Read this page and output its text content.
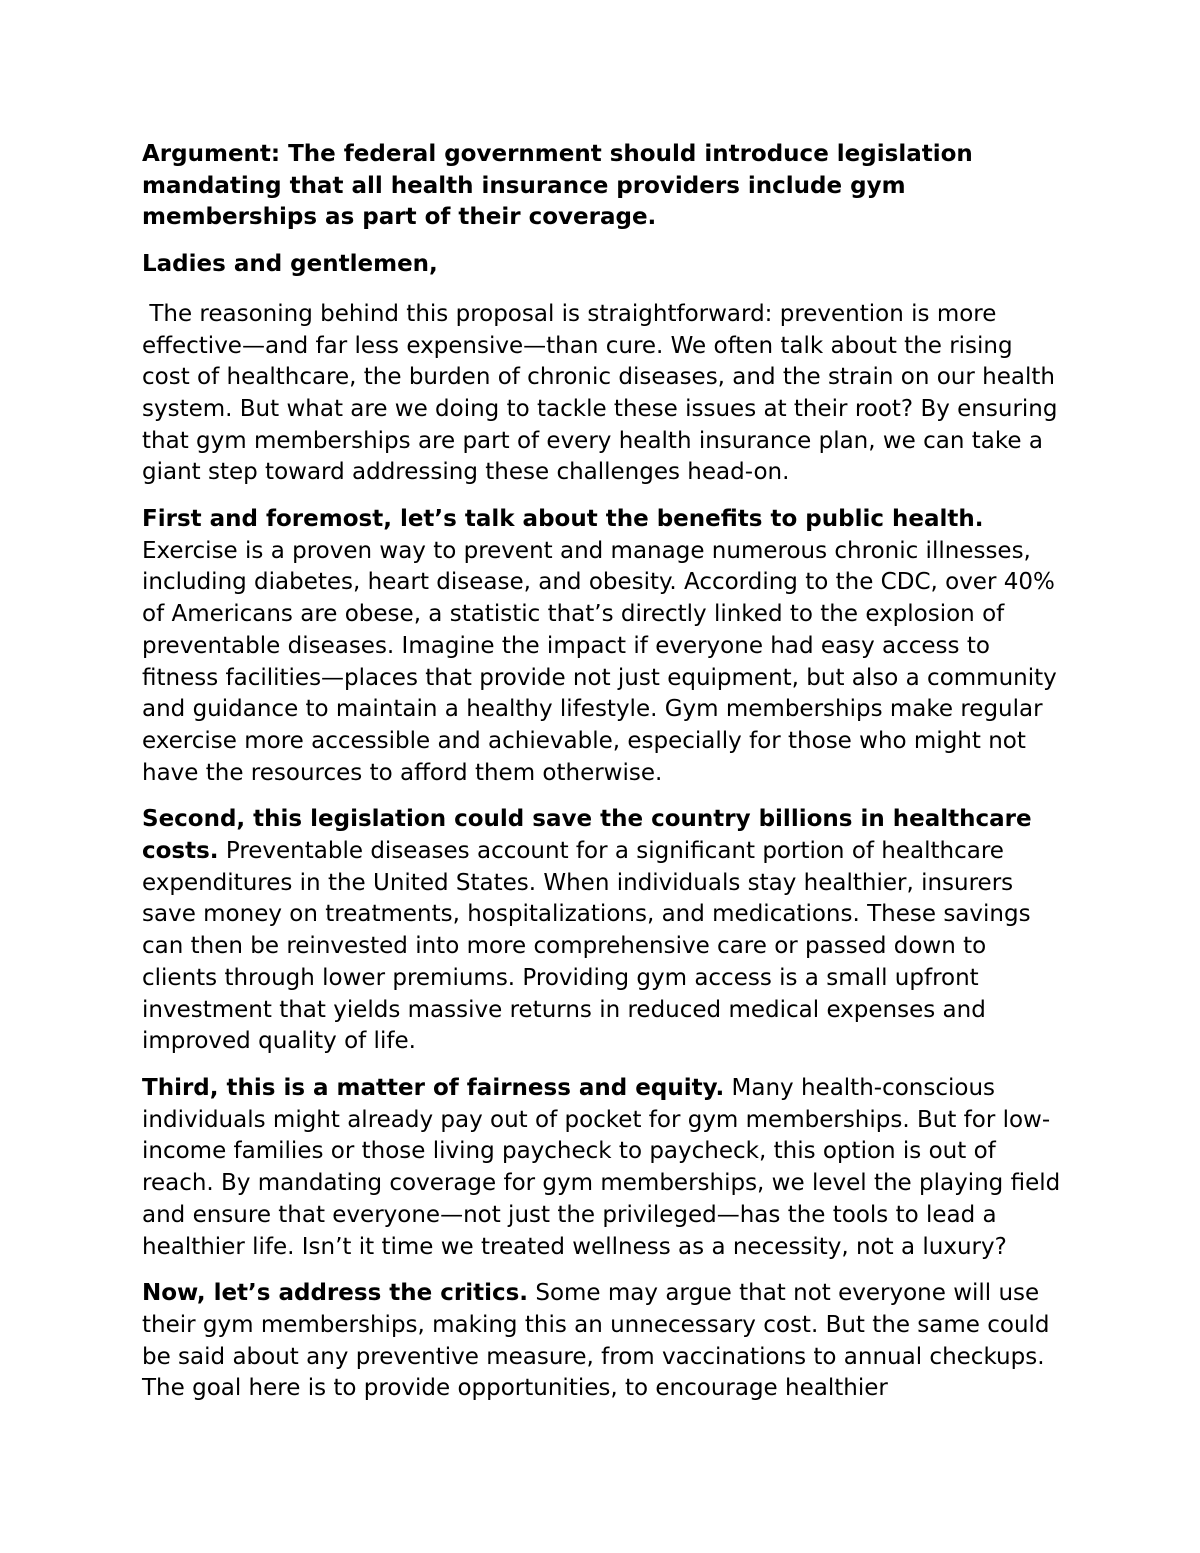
Argument: The federal government should introduce legislation mandating that all health insurance providers include gym memberships as part of their coverage.

Ladies and gentlemen,

The reasoning behind this proposal is straightforward: prevention is more effective—and far less expensive—than cure. We often talk about the rising cost of healthcare, the burden of chronic diseases, and the strain on our health system. But what are we doing to tackle these issues at their root? By ensuring that gym memberships are part of every health insurance plan, we can take a giant step toward addressing these challenges head-on.

First and foremost, let’s talk about the benefits to public health. Exercise is a proven way to prevent and manage numerous chronic illnesses, including diabetes, heart disease, and obesity. According to the CDC, over 40% of Americans are obese, a statistic that’s directly linked to the explosion of preventable diseases. Imagine the impact if everyone had easy access to fitness facilities—places that provide not just equipment, but also a community and guidance to maintain a healthy lifestyle. Gym memberships make regular exercise more accessible and achievable, especially for those who might not have the resources to afford them otherwise.

Second, this legislation could save the country billions in healthcare costs. Preventable diseases account for a significant portion of healthcare expenditures in the United States. When individuals stay healthier, insurers save money on treatments, hospitalizations, and medications. These savings can then be reinvested into more comprehensive care or passed down to clients through lower premiums. Providing gym access is a small upfront investment that yields massive returns in reduced medical expenses and improved quality of life.

Third, this is a matter of fairness and equity. Many health-conscious individuals might already pay out of pocket for gym memberships. But for low-income families or those living paycheck to paycheck, this option is out of reach. By mandating coverage for gym memberships, we level the playing field and ensure that everyone—not just the privileged—has the tools to lead a healthier life. Isn’t it time we treated wellness as a necessity, not a luxury?

Now, let’s address the critics. Some may argue that not everyone will use their gym memberships, making this an unnecessary cost. But the same could be said about any preventive measure, from vaccinations to annual checkups. The goal here is to provide opportunities, to encourage healthier
